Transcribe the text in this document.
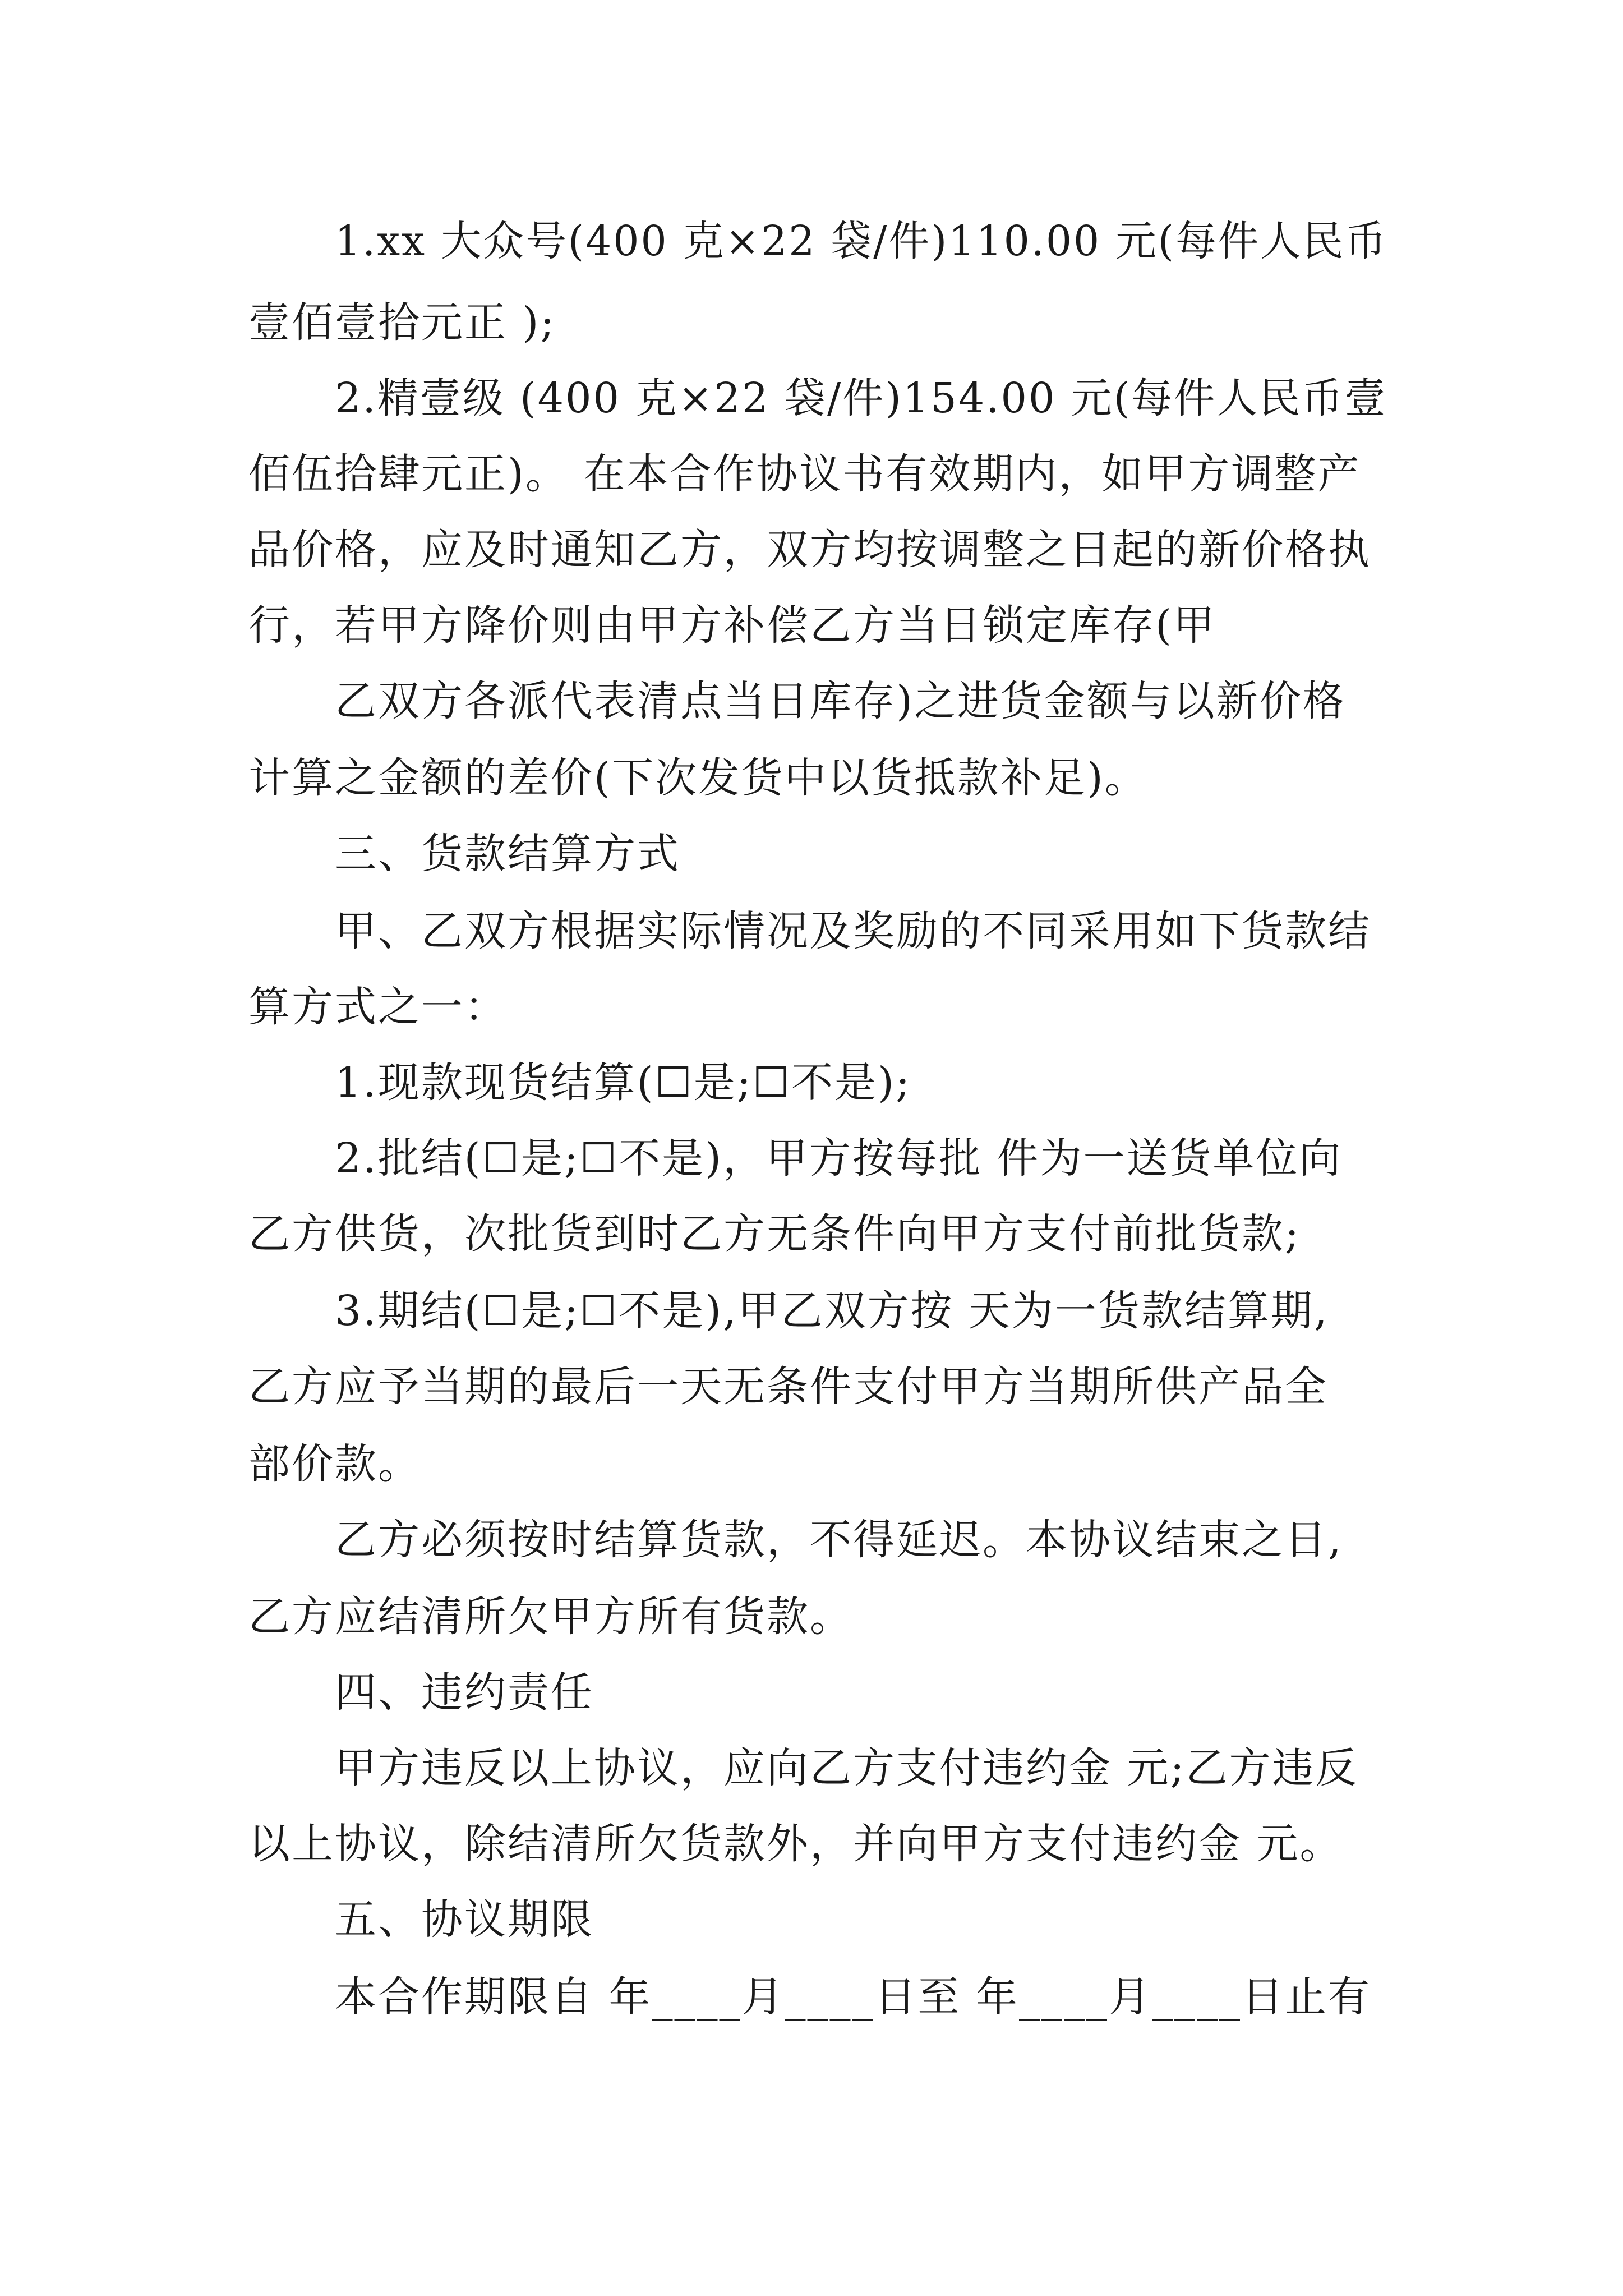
1.xx 大众号(400 克×22 袋/件)110.00 元(每件人民币
壹佰壹拾元正 );
2.精壹级 (400 克×22 袋/件)154.00 元(每件人民币壹
佰伍拾肆元正)。 在本合作协议书有效期内，如甲方调整产
品价格，应及时通知乙方，双方均按调整之日起的新价格执
行，若甲方降价则由甲方补偿乙方当日锁定库存(甲
乙双方各派代表清点当日库存)之进货金额与以新价格
计算之金额的差价(下次发货中以货抵款补足)。
三、货款结算方式
甲、乙双方根据实际情况及奖励的不同采用如下货款结
算方式之一：
1.现款现货结算(☐是;☐不是);
2.批结(☐是;☐不是)，甲方按每批 件为一送货单位向
乙方供货，次批货到时乙方无条件向甲方支付前批货款;
3.期结(☐是;☐不是),甲乙双方按 天为一货款结算期,
乙方应予当期的最后一天无条件支付甲方当期所供产品全
部价款。
乙方必须按时结算货款，不得延迟。本协议结束之日,
乙方应结清所欠甲方所有货款。
四、违约责任
甲方违反以上协议，应向乙方支付违约金 元;乙方违反
以上协议，除结清所欠货款外，并向甲方支付违约金 元。
五、协议期限
本合作期限自 年____月____日至 年____月____日止有
